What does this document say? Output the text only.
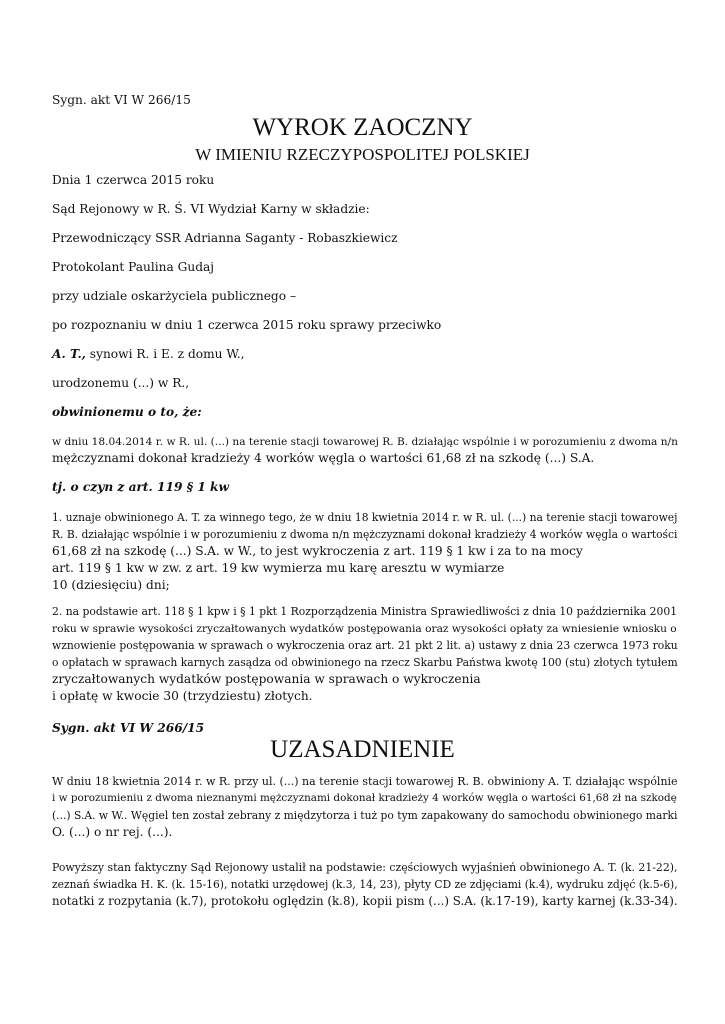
Sygn. akt VI W 266/15
WYROK ZAOCZNY
W IMIENIU RZECZYPOSPOLITEJ POLSKIEJ
Dnia 1 czerwca 2015 roku
Sąd Rejonowy w R. Ś. VI Wydział Karny w składzie:
Przewodniczący SSR Adrianna Saganty - Robaszkiewicz
Protokolant Paulina Gudaj
przy udziale oskarżyciela publicznego –
po rozpoznaniu w dniu 1 czerwca 2015 roku sprawy przeciwko
A. T., synowi R. i E. z domu W.,
urodzonemu (...) w R.,
obwinionemu o to, że:
w dniu 18.04.2014 r. w R. ul. (...) na terenie stacji towarowej R. B. działając wspólnie i w porozumieniu z dwoma n/n
mężczyznami dokonał kradzieży 4 worków węgla o wartości 61,68 zł na szkodę (...) S.A.
tj. o czyn z art. 119 § 1 kw
1. uznaje obwinionego A. T. za winnego tego, że w dniu 18 kwietnia 2014 r. w R. ul. (...) na terenie stacji towarowej
R. B. działając wspólnie i w porozumieniu z dwoma n/n mężczyznami dokonał kradzieży 4 worków węgla o wartości
61,68 zł na szkodę (...) S.A. w W., to jest wykroczenia z art. 119 § 1 kw i za to na mocy
art. 119 § 1 kw w zw. z art. 19 kw wymierza mu karę aresztu w wymiarze
10 (dziesięciu) dni;
2. na podstawie art. 118 § 1 kpw i § 1 pkt 1 Rozporządzenia Ministra Sprawiedliwości z dnia 10 października 2001
roku w sprawie wysokości zryczałtowanych wydatków postępowania oraz wysokości opłaty za wniesienie wniosku o
wznowienie postępowania w sprawach o wykroczenia oraz art. 21 pkt 2 lit. a) ustawy z dnia 23 czerwca 1973 roku
o opłatach w sprawach karnych zasądza od obwinionego na rzecz Skarbu Państwa kwotę 100 (stu) złotych tytułem
zryczałtowanych wydatków postępowania w sprawach o wykroczenia
i opłatę w kwocie 30 (trzydziestu) złotych.
Sygn. akt VI W 266/15
UZASADNIENIE
W dniu 18 kwietnia 2014 r. w R. przy ul. (...) na terenie stacji towarowej R. B. obwiniony A. T. działając wspólnie
i w porozumieniu z dwoma nieznanymi mężczyznami dokonał kradzieży 4 worków węgla o wartości 61,68 zł na szkodę
(...) S.A. w W.. Węgiel ten został zebrany z międzytorza i tuż po tym zapakowany do samochodu obwinionego marki
O. (...) o nr rej. (...).
Powyższy stan faktyczny Sąd Rejonowy ustalił na podstawie: częściowych wyjaśnień obwinionego A. T. (k. 21-22),
zeznań świadka H. K. (k. 15-16), notatki urzędowej (k.3, 14, 23), płyty CD ze zdjęciami (k.4), wydruku zdjęć (k.5-6),
notatki z rozpytania (k.7), protokołu oględzin (k.8), kopii pism (...) S.A. (k.17-19), karty karnej (k.33-34).
